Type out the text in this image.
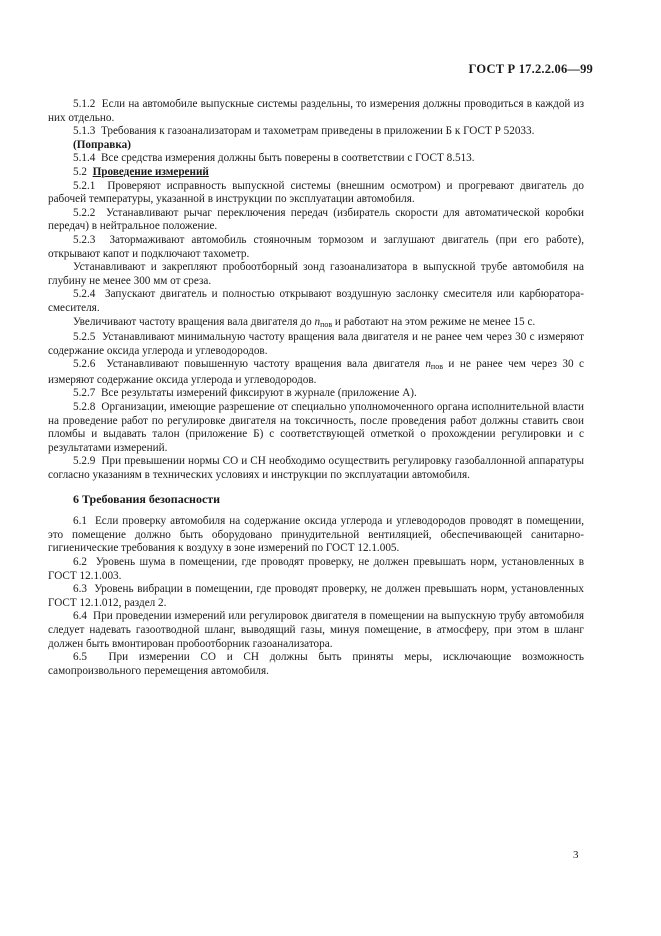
ГОСТ Р 17.2.2.06—99

5.1.2 Если на автомобиле выпускные системы раздельны, то измерения должны проводиться в каждой из них отдельно.

5.1.3 Требования к газоанализаторам и тахометрам приведены в приложении Б к ГОСТ Р 52033.

(Поправка)

5.1.4 Все средства измерения должны быть поверены в соответствии с ГОСТ 8.513.

5.2 Проведение измерений

5.2.1 Проверяют исправность выпускной системы (внешним осмотром) и прогревают двигатель до рабочей температуры, указанной в инструкции по эксплуатации автомобиля.

5.2.2 Устанавливают рычаг переключения передач (избиратель скорости для автоматической коробки передач) в нейтральное положение.

5.2.3 Затормаживают автомобиль стояночным тормозом и заглушают двигатель (при его работе), открывают капот и подключают тахометр.

Устанавливают и закрепляют пробоотборный зонд газоанализатора в выпускной трубе автомобиля на глубину не менее 300 мм от среза.

5.2.4 Запускают двигатель и полностью открывают воздушную заслонку смесителя или карбюратора-смесителя.

Увеличивают частоту вращения вала двигателя до $n_{пов}$ и работают на этом режиме не менее 15 с.

5.2.5 Устанавливают минимальную частоту вращения вала двигателя и не ранее чем через 30 с измеряют содержание оксида углерода и углеводородов.

5.2.6 Устанавливают повышенную частоту вращения вала двигателя $n_{пов}$ и не ранее чем через 30 с измеряют содержание оксида углерода и углеводородов.

5.2.7 Все результаты измерений фиксируют в журнале (приложение А).

5.2.8 Организации, имеющие разрешение от специально уполномоченного органа исполнительной власти на проведение работ по регулировке двигателя на токсичность, после проведения работ должны ставить свои пломбы и выдавать талон (приложение Б) с соответствующей отметкой о прохождении регулировки и с результатами измерений.

5.2.9 При превышении нормы СО и СН необходимо осуществить регулировку газобаллонной аппаратуры согласно указаниям в технических условиях и инструкции по эксплуатации автомобиля.

6 Требования безопасности

6.1 Если проверку автомобиля на содержание оксида углерода и углеводородов проводят в помещении, это помещение должно быть оборудовано принудительной вентиляцией, обеспечивающей санитарно-гигиенические требования к воздуху в зоне измерений по ГОСТ 12.1.005.

6.2 Уровень шума в помещении, где проводят проверку, не должен превышать норм, установленных в ГОСТ 12.1.003.

6.3 Уровень вибрации в помещении, где проводят проверку, не должен превышать норм, установленных ГОСТ 12.1.012, раздел 2.

6.4 При проведении измерений или регулировок двигателя в помещении на выпускную трубу автомобиля следует надевать газоотводной шланг, выводящий газы, минуя помещение, в атмосферу, при этом в шланг должен быть вмонтирован пробоотборник газоанализатора.

6.5 При измерении СО и СН должны быть приняты меры, исключающие возможность самопроизвольного перемещения автомобиля.

3
